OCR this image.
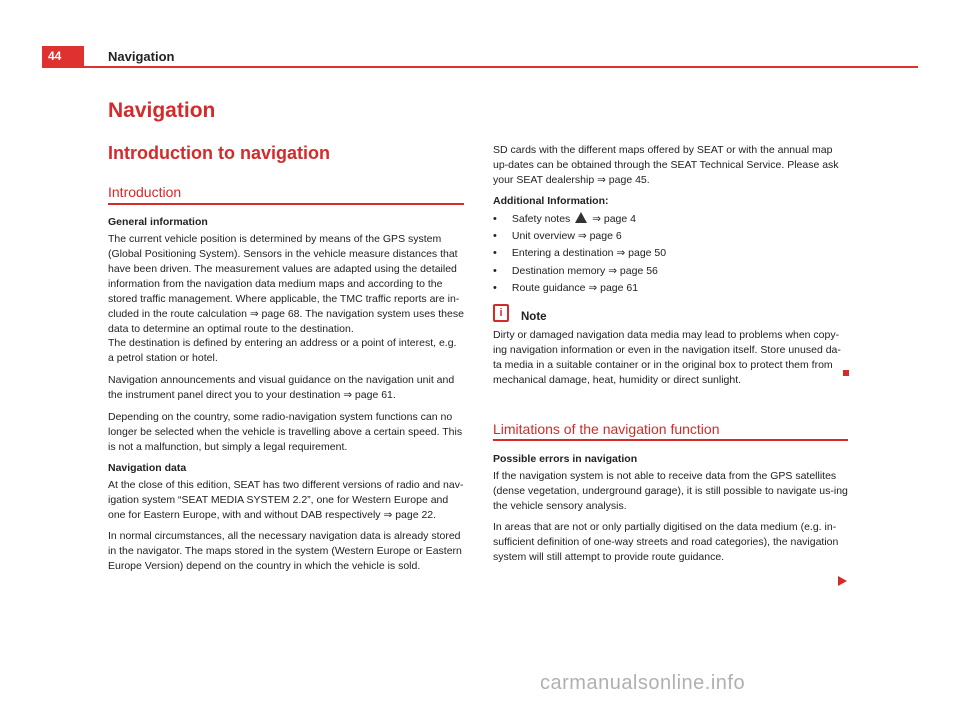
44	Navigation
Navigation
Introduction to navigation
Introduction
General information
The current vehicle position is determined by means of the GPS system (Global Positioning System). Sensors in the vehicle measure distances that have been driven. The measurement values are adapted using the detailed information from the navigation data medium maps and according to the stored traffic management. Where applicable, the TMC traffic reports are in-cluded in the route calculation ⇒ page 68. The navigation system uses these data to determine an optimal route to the destination.
The destination is defined by entering an address or a point of interest, e.g. a petrol station or hotel.
Navigation announcements and visual guidance on the navigation unit and the instrument panel direct you to your destination ⇒ page 61.
Depending on the country, some radio-navigation system functions can no longer be selected when the vehicle is travelling above a certain speed. This is not a malfunction, but simply a legal requirement.
Navigation data
At the close of this edition, SEAT has two different versions of radio and nav-igation system “SEAT MEDIA SYSTEM 2.2”, one for Western Europe and one for Eastern Europe, with and without DAB respectively ⇒ page 22.
In normal circumstances, all the necessary navigation data is already stored in the navigator. The maps stored in the system (Western Europe or Eastern Europe Version) depend on the country in which the vehicle is sold.
SD cards with the different maps offered by SEAT or with the annual map up-dates can be obtained through the SEAT Technical Service. Please ask your SEAT dealership ⇒ page 45.
Additional Information:
• Safety notes ⇒ page 4
• Unit overview ⇒ page 6
• Entering a destination ⇒ page 50
• Destination memory ⇒ page 56
• Route guidance ⇒ page 61
i	Note
Dirty or damaged navigation data media may lead to problems when copy-ing navigation information or even in the navigation itself. Store unused da-ta media in a suitable container or in the original box to protect them from mechanical damage, heat, humidity or direct sunlight.
Limitations of the navigation function
Possible errors in navigation
If the navigation system is not able to receive data from the GPS satellites (dense vegetation, underground garage), it is still possible to navigate us-ing the vehicle sensory analysis.
In areas that are not or only partially digitised on the data medium (e.g. in-sufficient definition of one-way streets and road categories), the navigation system will still attempt to provide route guidance.
carmanualsonline.info
